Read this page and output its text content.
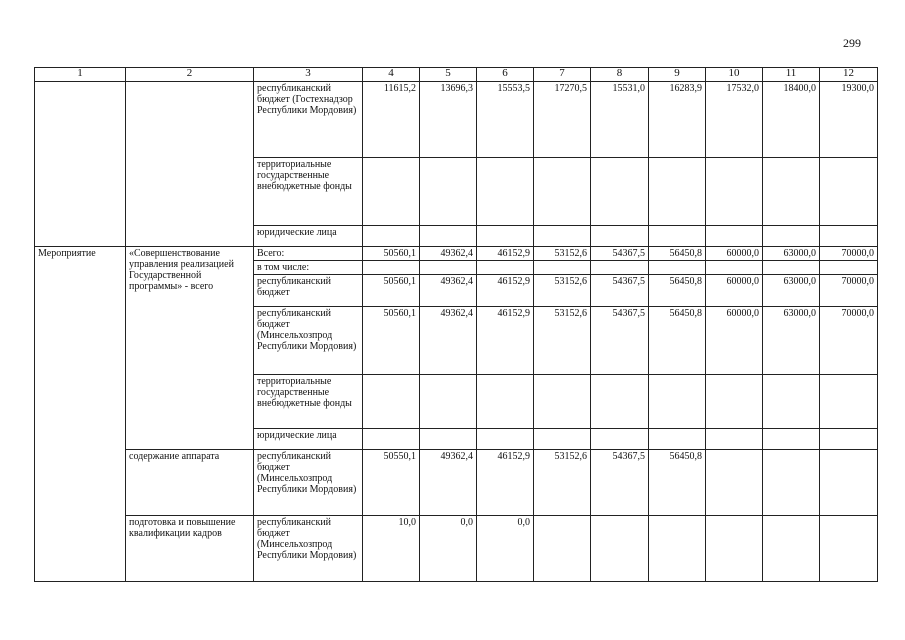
299
1	2	3	4	5	6	7	8	9	10	11	12
		республиканский бюджет (Гостехнадзор Республики Мордовия)	11615,2	13696,3	15553,5	17270,5	15531,0	16283,9	17532,0	18400,0	19300,0
		территориальные государственные внебюджетные фонды									
		юридические лица									
Мероприятие	«Совершенствование управления реализацией Государственной программы» - всего	Всего:	50560,1	49362,4	46152,9	53152,6	54367,5	56450,8	60000,0	63000,0	70000,0
		в том числе:									
		республиканский бюджет	50560,1	49362,4	46152,9	53152,6	54367,5	56450,8	60000,0	63000,0	70000,0
		республиканский бюджет (Минсельхозпрод Республики Мордовия)	50560,1	49362,4	46152,9	53152,6	54367,5	56450,8	60000,0	63000,0	70000,0
		территориальные государственные внебюджетные фонды									
		юридические лица									
	содержание аппарата	республиканский бюджет (Минсельхозпрод Республики Мордовия)	50550,1	49362,4	46152,9	53152,6	54367,5	56450,8			
	подготовка и повышение квалификации кадров	республиканский бюджет (Минсельхозпрод Республики Мордовия)	10,0	0,0	0,0						
